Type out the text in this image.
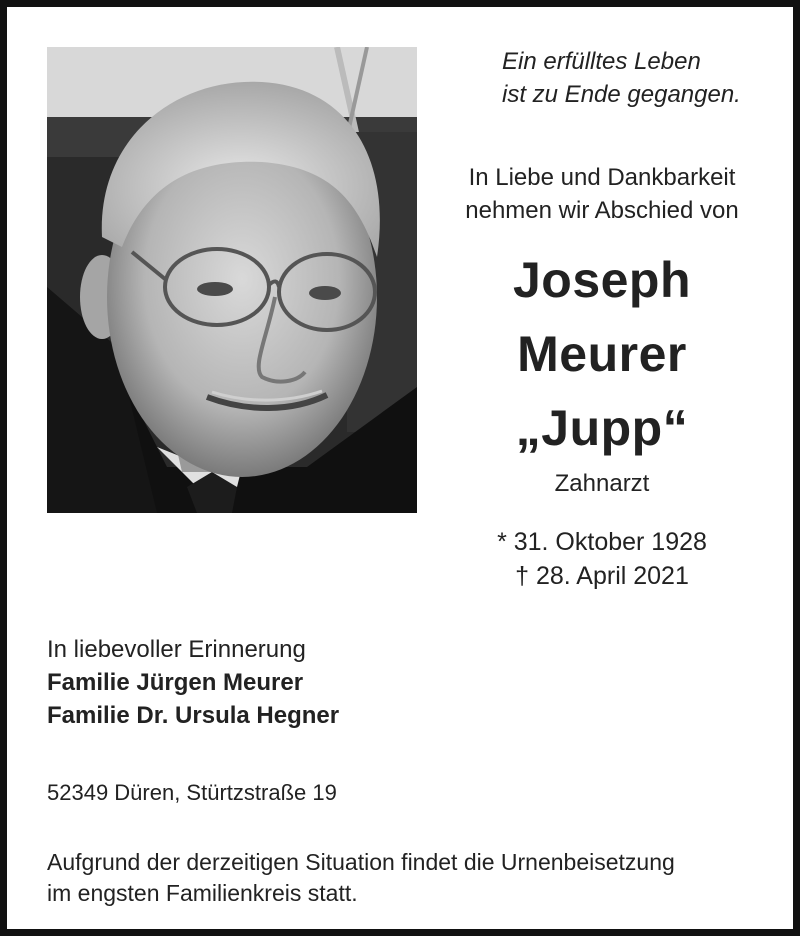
Ein erfülltes Leben
ist zu Ende gegangen.
In Liebe und Dankbarkeit
nehmen wir Abschied von
Joseph
Meurer
„Jupp“
Zahnarzt
* 31. Oktober 1928
† 28. April 2021
In liebevoller Erinnerung
Familie Jürgen Meurer
Familie Dr. Ursula Hegner
52349 Düren, Stürtzstraße 19
Aufgrund der derzeitigen Situation findet die Urnenbeisetzung
im engsten Familienkreis statt.
